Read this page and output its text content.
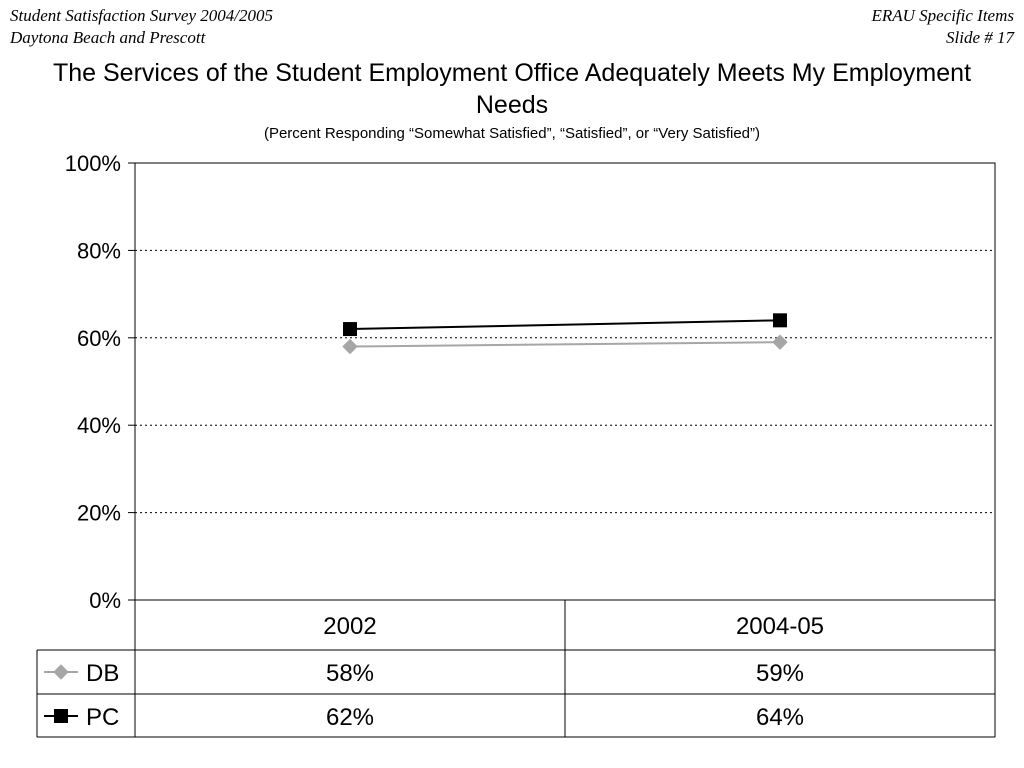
Student Satisfaction Survey 2004/2005
Daytona Beach and Prescott
ERAU Specific Items
Slide # 17
The Services of the Student Employment Office Adequately Meets My Employment Needs
(Percent Responding “Somewhat Satisfied”, “Satisfied”, or “Very Satisfied”)
0%
20%
40%
60%
80%
100%
2002	2004-05
DB	58%	59%
PC	62%	64%
